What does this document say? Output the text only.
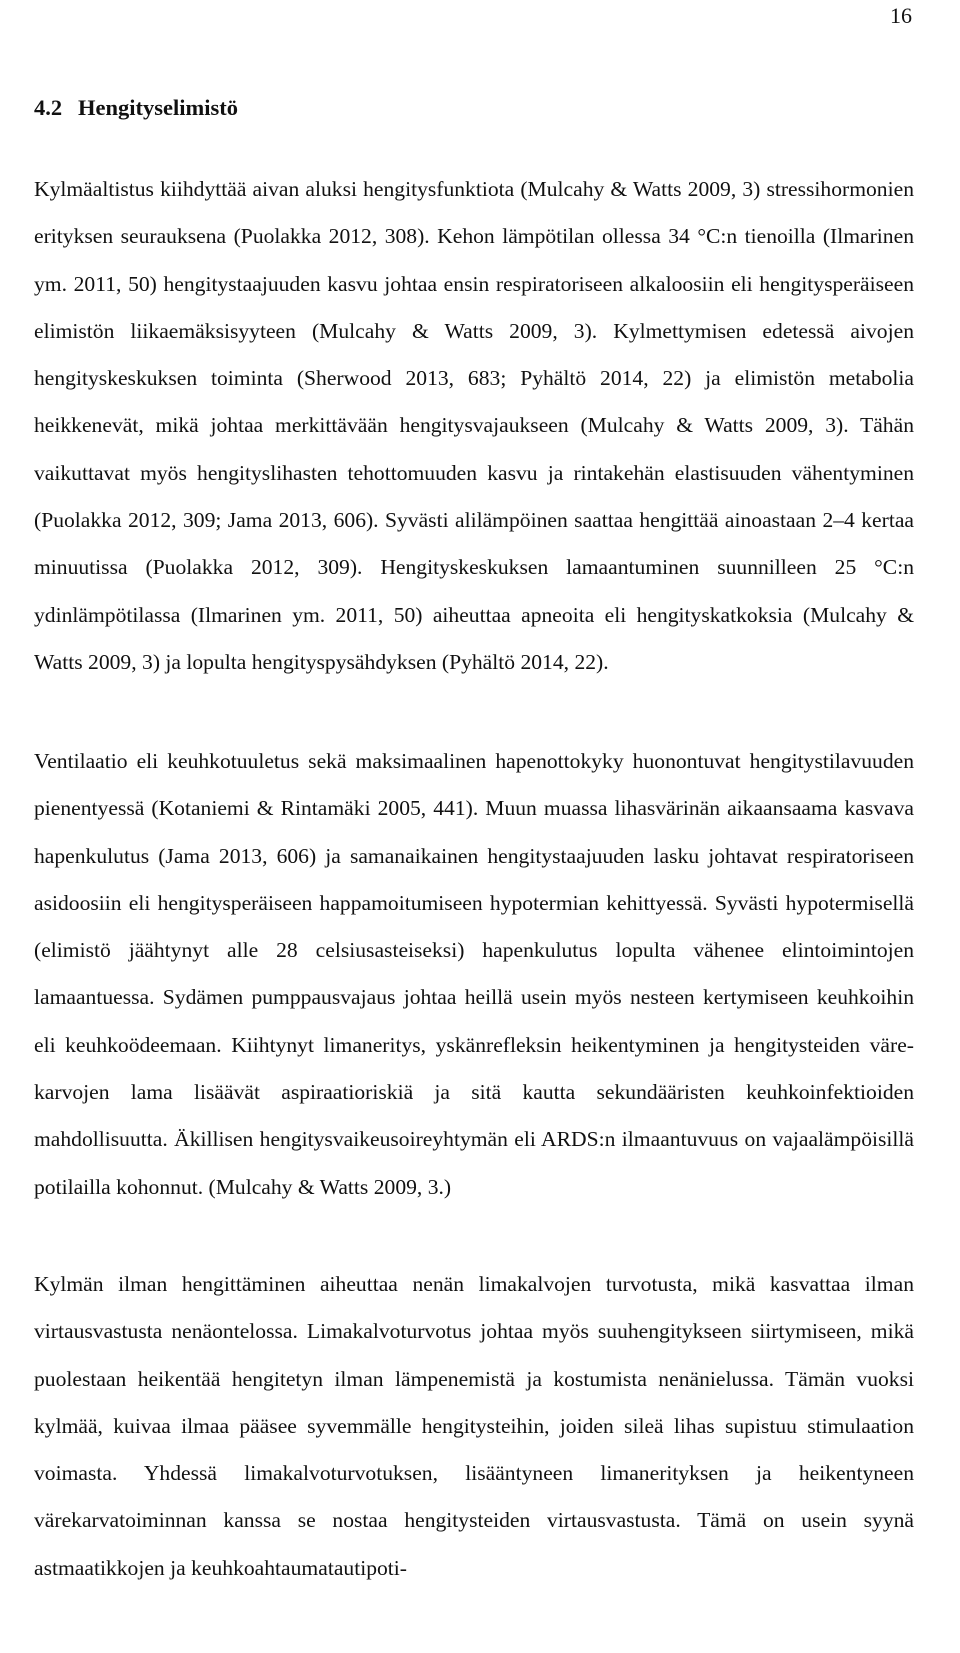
16
4.2 Hengityselimistö

Kylmäaltistus kiihdyttää aivan aluksi hengitysfunktiota (Mulcahy & Watts 2009, 3) stressihormonien erityksen seurauksena (Puolakka 2012, 308). Kehon lämpötilan ollessa 34 °C:n tienoilla (Ilmarinen ym. 2011, 50) hengitystaajuuden kasvu johtaa ensin respiratoriseen alkaloosiin eli hengitysperäiseen elimistön liikaemäksisyyteen (Mulcahy & Watts 2009, 3). Kylmettymisen edetessä aivojen hengityskeskuksen toiminta (Sherwood 2013, 683; Pyhältö 2014, 22) ja elimistön metabolia heikkenevät, mikä johtaa merkittävään hengitysvajaukseen (Mulcahy & Watts 2009, 3). Tähän vaikuttavat myös hengityslihasten tehottomuuden kasvu ja rintakehän elastisuuden vähentyminen (Puolakka 2012, 309; Jama 2013, 606). Syvästi alilämpöinen saattaa hengittää ainoastaan 2–4 kertaa minuutissa (Puolakka 2012, 309). Hengityskeskuksen lamaantuminen suunnilleen 25 °C:n ydinlämpötilassa (Ilmarinen ym. 2011, 50) aiheuttaa apneoita eli hengityskatkoksia (Mulcahy & Watts 2009, 3) ja lopulta hengityspysähdyksen (Pyhältö 2014, 22).

Ventilaatio eli keuhkotuuletus sekä maksimaalinen hapenottokyky huonontuvat hengitystilavuuden pienentyessä (Kotaniemi & Rintamäki 2005, 441). Muun muassa lihasvärinän aikaansaama kasvava hapenkulutus (Jama 2013, 606) ja samanaikainen hengitystaajuuden lasku johtavat respiratoriseen asidoosiin eli hengitysperäiseen happamoitumiseen hypotermian kehittyessä. Syvästi hypotermisellä (elimistö jäähtynyt alle 28 celsiusasteiseksi) hapenkulutus lopulta vähenee elintoimintojen lamaantuessa. Sydämen pumppausvajaus johtaa heillä usein myös nesteen kertymiseen keuhkoihin eli keuhkoödeemaan. Kiihtynyt limaneritys, yskänrefleksin heikentyminen ja hengitysteiden värekarvojen lama lisäävät aspiraatioriskiä ja sitä kautta sekundääristen keuhkoinfektioiden mahdollisuutta. Äkillisen hengitysvaikeusoireyhtymän eli ARDS:n ilmaantuvuus on vajaalämpöisillä potilailla kohonnut. (Mulcahy & Watts 2009, 3.)

Kylmän ilman hengittäminen aiheuttaa nenän limakalvojen turvotusta, mikä kasvattaa ilman virtausvastusta nenäontelossa. Limakalvoturvotus johtaa myös suuhengitykseen siirtymiseen, mikä puolestaan heikentää hengitetyn ilman lämpenemistä ja kostumista nenänielussa. Tämän vuoksi kylmää, kuivaa ilmaa pääsee syvemmälle hengitysteihin, joiden sileä lihas supistuu stimulaation voimasta. Yhdessä limakalvoturvotuksen, lisääntyneen limanerityksen ja heikentyneen värekarvatoiminnan kanssa se nostaa hengitysteiden virtausvastusta. Tämä on usein syynä astmaatikkojen ja keuhkoahtaumatautipoti-
